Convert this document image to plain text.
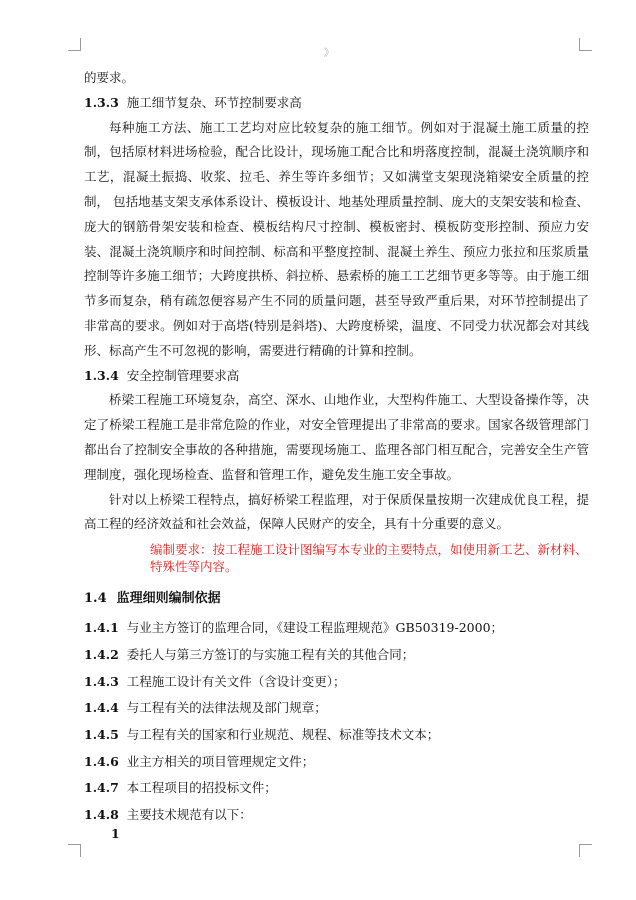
》

的要求。

1.3.3 施工细节复杂、环节控制要求高

每种施工方法、施工工艺均对应比较复杂的施工细节。例如对于混凝土施工质量的控制，包括原材料进场检验，配合比设计，现场施工配合比和坍落度控制，混凝土浇筑顺序和工艺，混凝土振捣、收浆、拉毛、养生等许多细节；又如满堂支架现浇箱梁安全质量的控制， 包括地基支架支承体系设计、模板设计、地基处理质量控制、庞大的支架安装和检查、庞大的钢筋骨架安装和检查、模板结构尺寸控制、模板密封、模板防变形控制、预应力安装、混凝土浇筑顺序和时间控制、标高和平整度控制、混凝土养生、预应力张拉和压浆质量控制等许多施工细节；大跨度拱桥、斜拉桥、悬索桥的施工工艺细节更多等等。由于施工细节多而复杂，稍有疏忽便容易产生不同的质量问题，甚至导致严重后果，对环节控制提出了非常高的要求。例如对于高塔(特别是斜塔)、大跨度桥梁，温度、不同受力状况都会对其线形、标高产生不可忽视的影响，需要进行精确的计算和控制。

1.3.4 安全控制管理要求高

桥梁工程施工环境复杂，高空、深水、山地作业，大型构件施工、大型设备操作等，决定了桥梁工程施工是非常危险的作业，对安全管理提出了非常高的要求。国家各级管理部门都出台了控制安全事故的各种措施，需要现场施工、监理各部门相互配合，完善安全生产管理制度，强化现场检查、监督和管理工作，避免发生施工安全事故。

针对以上桥梁工程特点，搞好桥梁工程监理，对于保质保量按期一次建成优良工程，提高工程的经济效益和社会效益，保障人民财产的安全，具有十分重要的意义。

编制要求：按工程施工设计图编写本专业的主要特点，如使用新工艺、新材料、特殊性等内容。

1.4 监理细则编制依据

1.4.1 与业主方签订的监理合同，《建设工程监理规范》GB50319-2000；

1.4.2 委托人与第三方签订的与实施工程有关的其他合同；

1.4.3 工程施工设计有关文件（含设计变更）；

1.4.4 与工程有关的法律法规及部门规章；

1.4.5 与工程有关的国家和行业规范、规程、标准等技术文本；

1.4.6 业主方相关的项目管理规定文件；

1.4.7 本工程项目的招投标文件；

1.4.8 主要技术规范有以下：

1
